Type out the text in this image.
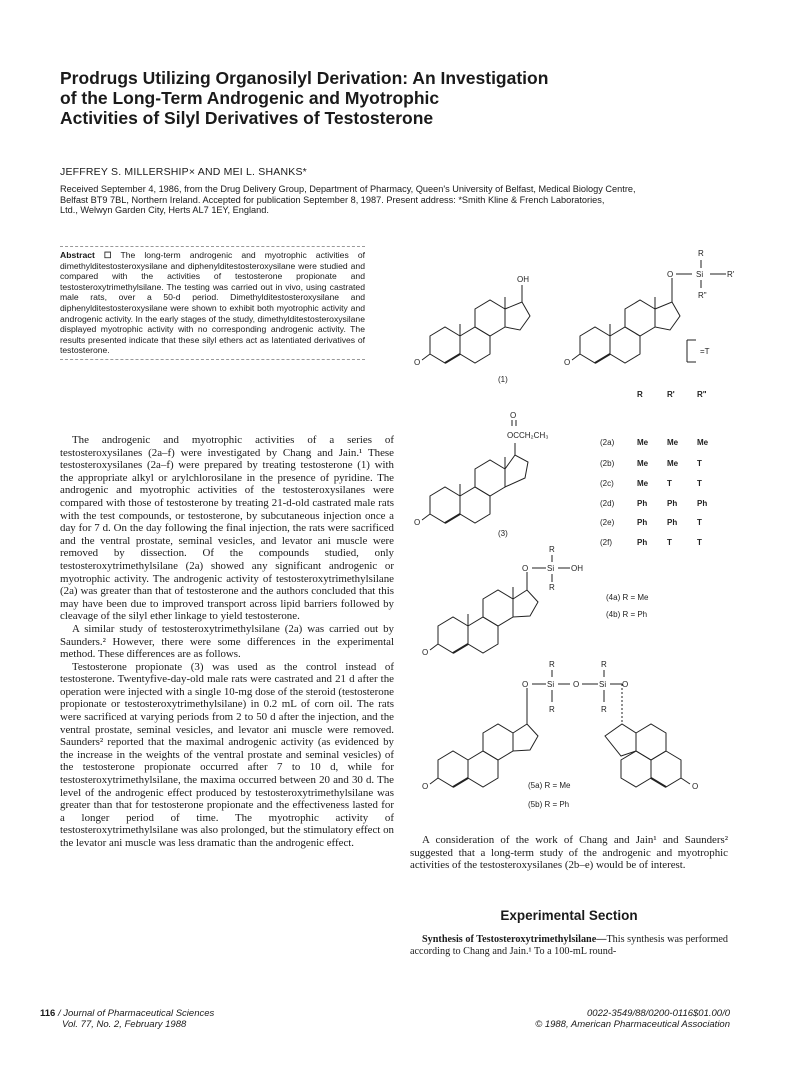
Prodrugs Utilizing Organosilyl Derivation: An Investigation
of the Long-Term Androgenic and Myotrophic
Activities of Silyl Derivatives of Testosterone
JEFFREY S. MILLERSHIP× AND MEI L. SHANKS*
Received September 4, 1986, from the Drug Delivery Group, Department of Pharmacy, Queen's University of Belfast, Medical Biology Centre,
Belfast BT9 7BL, Northern Ireland. Accepted for publication September 8, 1987. Present address: *Smith Kline & French Laboratories,
Ltd., Welwyn Garden City, Herts AL7 1EY, England.
Abstract ☐ The long-term androgenic and myotrophic activities of dimethylditestosteroxysilane and diphenylditestosteroxysilane were studied and compared with the activities of testosterone propionate and testosteroxytrimethylsilane. The testing was carried out in vivo, using castrated male rats, over a 50-d period. Dimethylditestosteroxysilane and diphenylditestosteroxysilane were shown to exhibit both myotrophic activity and androgenic activity. In the early stages of the study, dimethylditestosteroxysilane displayed myotrophic activity with no corresponding androgenic activity. The results presented indicate that these silyl ethers act as latentiated derivatives of testosterone.

The androgenic and myotrophic activities of a series of testosteroxysilanes (2a–f) were investigated by Chang and Jain.¹ These testosteroxysilanes (2a–f) were prepared by treating testosterone (1) with the appropriate alkyl or arylchlorosilane in the presence of pyridine. The androgenic and myotrophic activities of the testosteroxysilanes were compared with those of testosterone by treating 21-d-old castrated male rats with the test compounds, or testosterone, by subcutaneous injection once a day for 7 d. On the day following the final injection, the rats were sacrificed and the ventral prostate, seminal vesicles, and levator ani muscle were removed by dissection. Of the compounds studied, only testosteroxytrimethylsilane (2a) showed any significant androgenic or myotrophic activity. The androgenic activity of testosteroxytrimethylsilane (2a) was greater than that of testosterone and the authors concluded that this may have been due to improved transport across lipid barriers followed by cleavage of the silyl ether linkage to yield testosterone.

A similar study of testosteroxytrimethylsilane (2a) was carried out by Saunders.² However, there were some differences in the experimental method. These differences are as follows.

Testosterone propionate (3) was used as the control instead of testosterone. Twentyfive-day-old male rats were castrated and 21 d after the operation were injected with a single 10-mg dose of the steroid (testosterone propionate or testosteroxytrimethylsilane) in 0.2 mL of corn oil. The rats were sacrificed at varying periods from 2 to 50 d after the injection, and the ventral prostate, seminal vesicles, and levator ani muscle were removed. Saunders² reported that the maximal androgenic activity (as evidenced by the increase in the weights of the ventral prostate and seminal vesicles) of the testosterone propionate occurred after 7 to 10 d, while for testosteroxytrimethylsilane, the maxima occurred between 20 and 30 d. The level of the androgenic effect produced by testosteroxytrimethylsilane was greater than that for testosterone propionate and the effectiveness lasted for a longer period of time. The myotrophic activity of testosteroxytrimethylsilane was also prolonged, but the stimulatory effect on the levator ani muscle was less dramatic than the androgenic effect.

OH
O
(1)
O	Si
R
R'
R"
=T
O
R	R'	R"
(2a)	Me Me Me
(2b)	Me Me T
(2c)	Me T	T
(2d)	Ph Ph Ph
(2e)	Ph Ph T
(2f)	Ph T	T
O
OCCH₂CH₃
O
(3)
O Si OH
R
R
O
(4a) R = Me
(4b) R = Ph
O Si O Si O
R	R
R	R
O	O
(5a) R = Me
(5b) R = Ph

A consideration of the work of Chang and Jain¹ and Saunders² suggested that a long-term study of the androgenic and myotrophic activities of the testosteroxysilanes (2b–e) would be of interest.

Experimental Section

Synthesis of Testosteroxytrimethylsilane—This synthesis was performed according to Chang and Jain.¹ To a 100-mL round-

116 / Journal of Pharmaceutical Sciences
Vol. 77, No. 2, February 1988
0022-3549/88/0200-0116$01.00/0
© 1988, American Pharmaceutical Association
